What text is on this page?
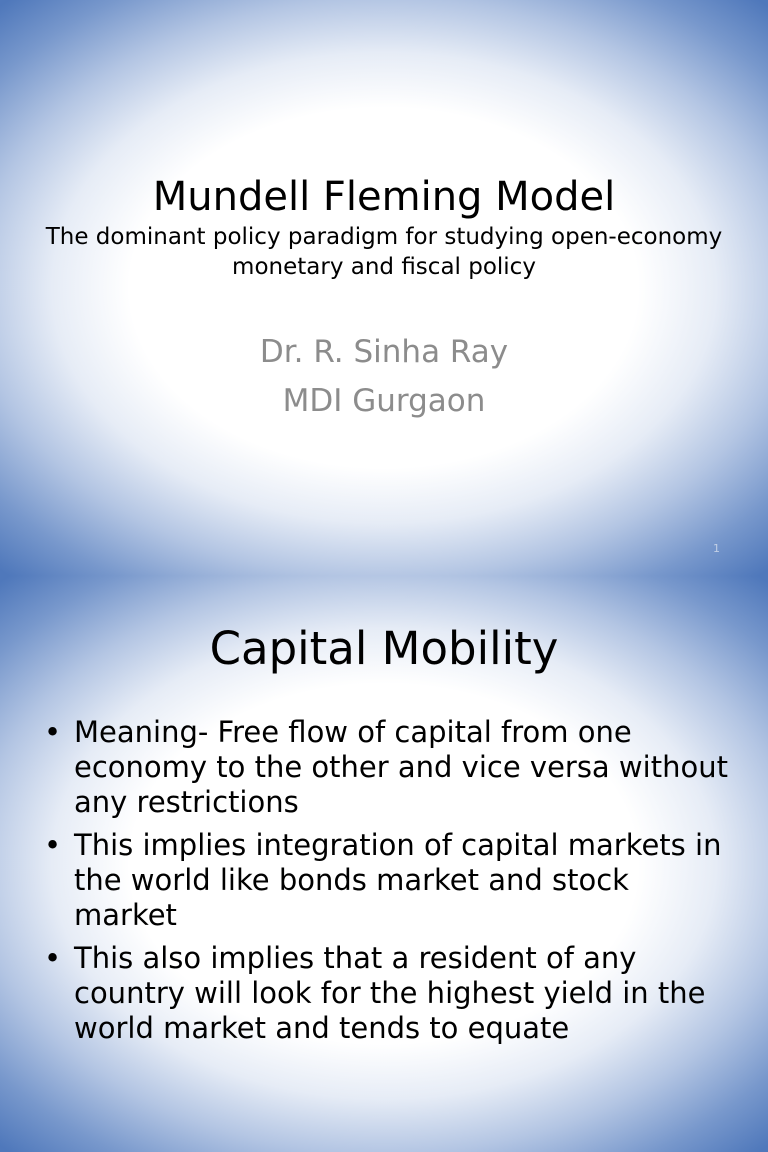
Mundell Fleming Model
The dominant policy paradigm for studying open-economy monetary and fiscal policy
Dr. R. Sinha Ray
MDI Gurgaon
1
Capital Mobility
• Meaning- Free flow of capital from one economy to the other and vice versa without any restrictions
• This implies integration of capital markets in the world like bonds market and stock market
• This also implies that a resident of any country will look for the highest yield in the world market and tends to equate
